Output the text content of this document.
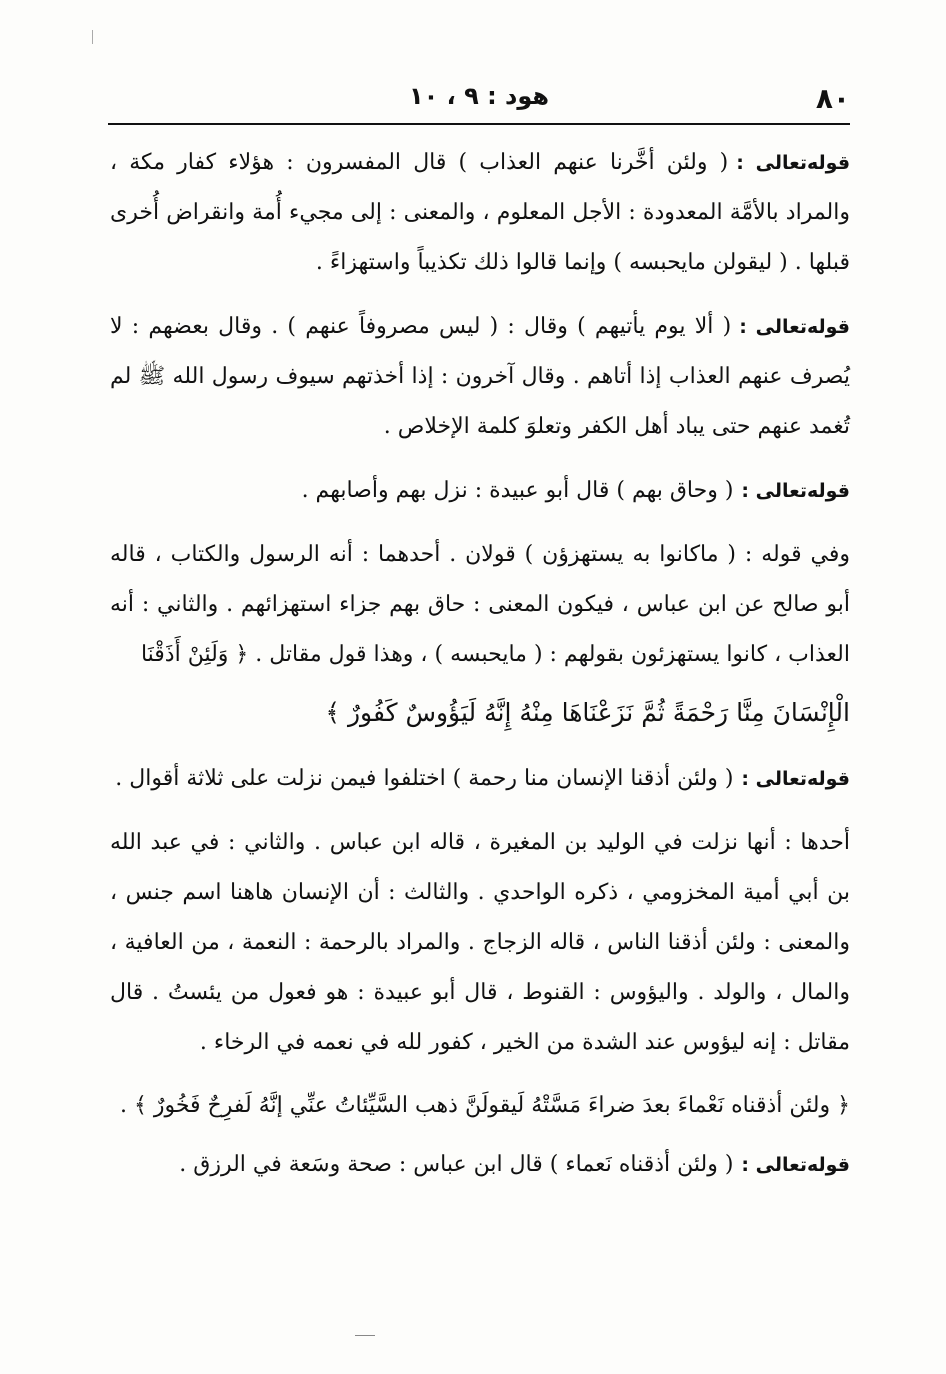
٨٠
هود : ٩ ، ١٠

قوله‌تعالى :( ولئن أخَّرنا عنهم العذاب ) قال المفسرون : هؤلاء كفار مكة ، والمراد بالأمَّة المعدودة : الأجل المعلوم ، والمعنى : إلى مجيء أُمة وانقراض أُخرى قبلها . ( ليقولن مايحبسه ) وإنما قالوا ذلك تكذيباً واستهزاءً .

قوله‌تعالى :( ألا يوم يأتيهم ) وقال : ( ليس مصروفاً عنهم ) . وقال بعضهم : لا يُصرف عنهم العذاب إذا أتاهم . وقال آخرون : إذا أخذتهم سيوف رسول الله ﷺ لم تُغمد عنهم حتى يباد أهل الكفر وتعلوَ كلمة الإخلاص .

قوله‌تعالى :( وحاق بهم ) قال أبو عبيدة : نزل بهم وأصابهم .

وفي قوله : ( ماكانوا به يستهزؤن ) قولان . أحدهما : أنه الرسول والكتاب ، قاله أبو صالح عن ابن عباس ، فيكون المعنى : حاق بهم جزاء استهزائهم . والثاني : أنه العذاب ، كانوا يستهزئون بقولهم : ( مايحبسه ) ، وهذا قول مقاتل . ﴿ وَلَئِنْ أَذَقْنَا

الْإِنْسَانَ مِنَّا رَحْمَةً ثُمَّ نَزَعْنَاهَا مِنْهُ إِنَّهُ لَيَؤُوسٌ كَفُورٌ ﴾

قوله‌تعالى :( ولئن أذقنا الإنسان منا رحمة ) اختلفوا فيمن نزلت على ثلاثة أقوال .

أحدها : أنها نزلت في الوليد بن المغيرة ، قاله ابن عباس . والثاني : في عبد الله بن أبي أمية المخزومي ، ذكره الواحدي . والثالث : أن الإنسان هاهنا اسم جنس ، والمعنى : ولئن أذقنا الناس ، قاله الزجاج . والمراد بالرحمة : النعمة ، من العافية ، والمال ، والولد . واليؤوس : القنوط ، قال أبو عبيدة : هو فعول من يئستُ . قال مقاتل : إنه ليؤوس عند الشدة من الخير ، كفور لله في نعمه في الرخاء .

﴿ ولئن أذقناه نَعْماءَ بعدَ ضراءَ مَسَّتْهُ لَيقولَنَّ ذهب السَّيِّئاتُ عنِّي إنَّهُ لَفرِحٌ فَخُورٌ ﴾ .

قوله‌تعالى :( ولئن أذقناه نَعماء ) قال ابن عباس : صحة وسَعة في الرزق .
